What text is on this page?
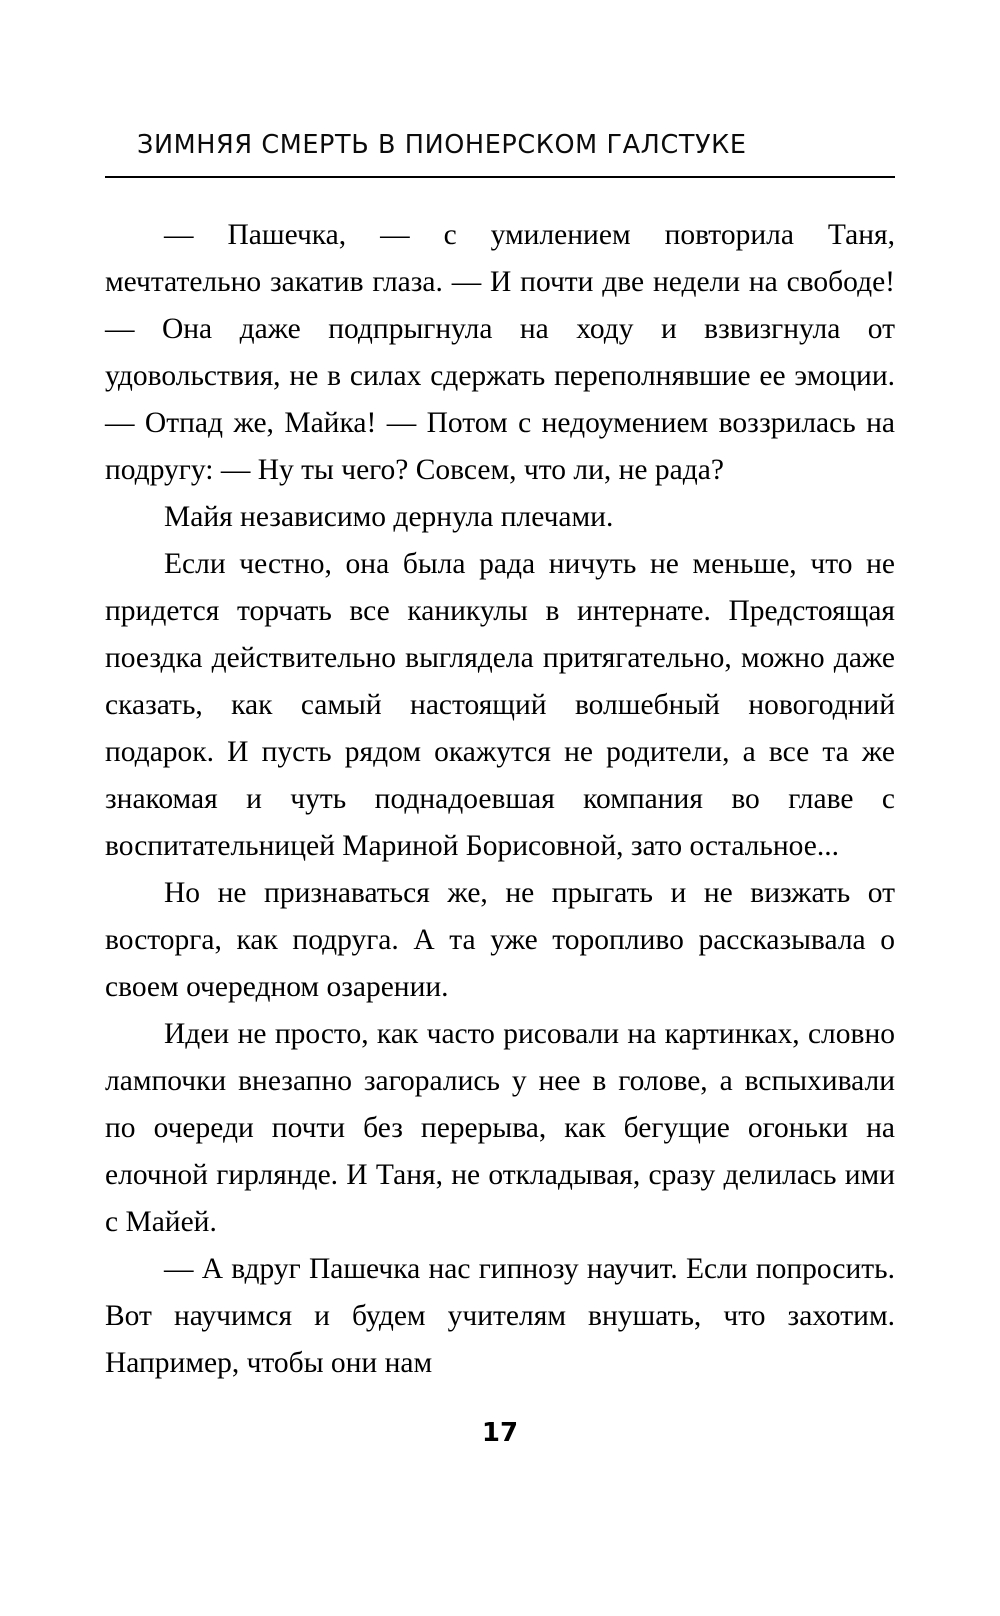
ЗИМНЯЯ СМЕРТЬ В ПИОНЕРСКОМ ГАЛСТУКЕ

— Пашечка, — с умилением повторила Таня, мечтательно закатив глаза. — И почти две недели на свободе! — Она даже подпрыгнула на ходу и взвизгнула от удовольствия, не в силах сдержать переполнявшие ее эмоции. — Отпад же, Майка! — Потом с недоумением воззрилась на подругу: — Ну ты чего? Совсем, что ли, не рада?

Майя независимо дернула плечами.

Если честно, она была рада ничуть не меньше, что не придется торчать все каникулы в интернате. Предстоящая поездка действительно выглядела притягательно, можно даже сказать, как самый настоящий волшебный новогодний подарок. И пусть рядом окажутся не родители, а все та же знакомая и чуть поднадоевшая компания во главе с воспитательницей Мариной Борисовной, зато остальное...

Но не признаваться же, не прыгать и не визжать от восторга, как подруга. А та уже торопливо рассказывала о своем очередном озарении.

Идеи не просто, как часто рисовали на картинках, словно лампочки внезапно загорались у нее в голове, а вспыхивали по очереди почти без перерыва, как бегущие огоньки на елочной гирлянде. И Таня, не откладывая, сразу делилась ими с Майей.

— А вдруг Пашечка нас гипнозу научит. Если попросить. Вот научимся и будем учителям внушать, что захотим. Например, чтобы они нам

17
